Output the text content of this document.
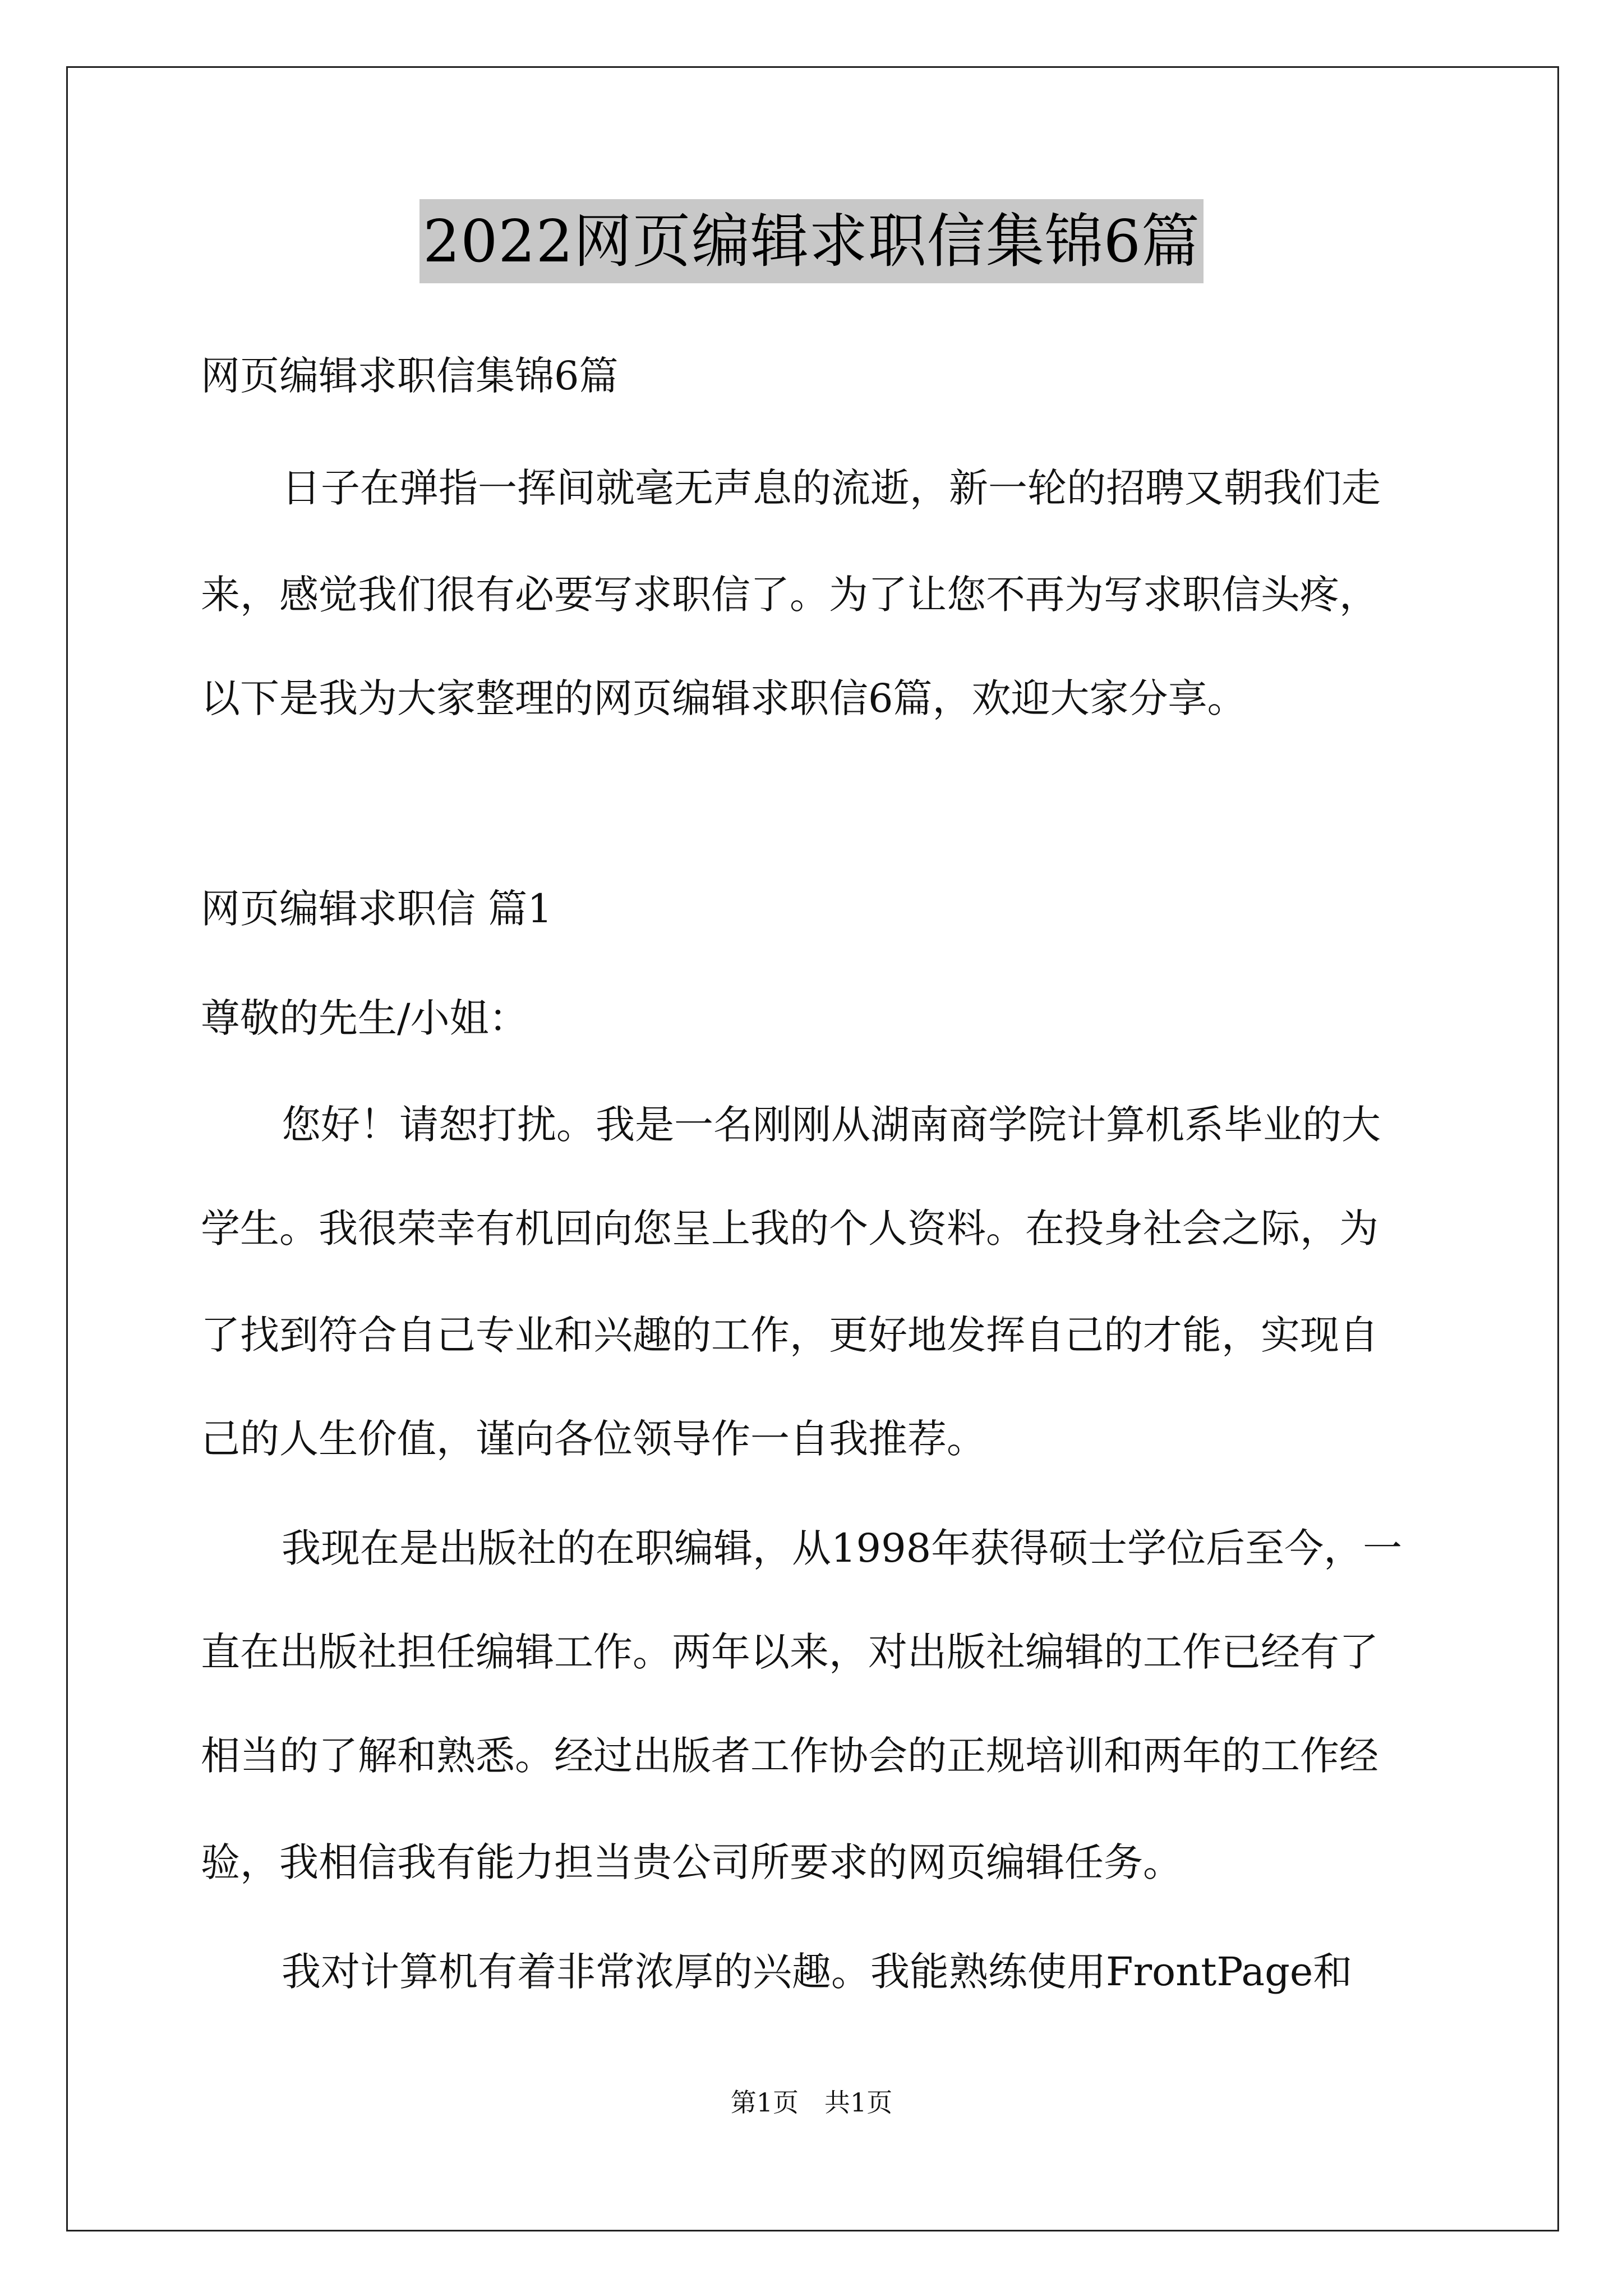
2022网页编辑求职信集锦6篇
网页编辑求职信集锦6篇
日子在弹指一挥间就毫无声息的流逝，新一轮的招聘又朝我们走
来，感觉我们很有必要写求职信了。为了让您不再为写求职信头疼，
以下是我为大家整理的网页编辑求职信6篇，欢迎大家分享。
网页编辑求职信 篇1
尊敬的先生/小姐：
您好！请恕打扰。我是一名刚刚从湖南商学院计算机系毕业的大
学生。我很荣幸有机回向您呈上我的个人资料。在投身社会之际，为
了找到符合自己专业和兴趣的工作，更好地发挥自己的才能，实现自
己的人生价值，谨向各位领导作一自我推荐。
我现在是出版社的在职编辑，从1998年获得硕士学位后至今，一
直在出版社担任编辑工作。两年以来，对出版社编辑的工作已经有了
相当的了解和熟悉。经过出版者工作协会的正规培训和两年的工作经
验，我相信我有能力担当贵公司所要求的网页编辑任务。
我对计算机有着非常浓厚的兴趣。我能熟练使用FrontPage和
第1页　共1页
